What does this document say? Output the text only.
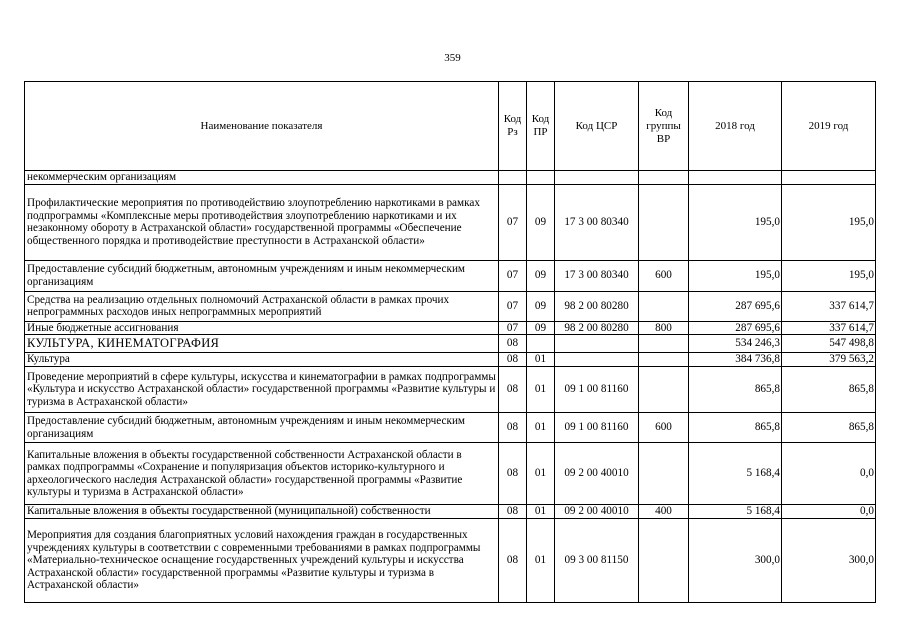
359
Наименование показателя	Код Рз	Код ПР	Код ЦСР	Код группы ВР	2018 год	2019 год
некоммерческим организациям						
Профилактические мероприятия по противодействию злоупотреблению наркотиками в рамках подпрограммы «Комплексные меры противодействия злоупотреблению наркотиками и их незаконному обороту в Астраханской области» государственной программы «Обеспечение общественного порядка и противодействие преступности в Астраханской области»	07	09	17 3 00 80340		195,0	195,0
Предоставление субсидий бюджетным, автономным учреждениям и иным некоммерческим организациям	07	09	17 3 00 80340	600	195,0	195,0
Средства на реализацию отдельных полномочий Астраханской области в рамках прочих непрограммных расходов иных непрограммных мероприятий	07	09	98 2 00 80280		287 695,6	337 614,7
Иные бюджетные ассигнования	07	09	98 2 00 80280	800	287 695,6	337 614,7
КУЛЬТУРА, КИНЕМАТОГРАФИЯ	08				534 246,3	547 498,8
Культура	08	01			384 736,8	379 563,2
Проведение мероприятий в сфере культуры, искусства и кинематографии в рамках подпрограммы «Культура и искусство Астраханской области» государственной программы «Развитие культуры и туризма в Астраханской области»	08	01	09 1 00 81160		865,8	865,8
Предоставление субсидий бюджетным, автономным учреждениям и иным некоммерческим организациям	08	01	09 1 00 81160	600	865,8	865,8
Капитальные вложения в объекты государственной собственности Астраханской области в рамках подпрограммы «Сохранение и популяризация объектов историко-культурного и археологического наследия Астраханской области» государственной программы «Развитие культуры и туризма в Астраханской области»	08	01	09 2 00 40010		5 168,4	0,0
Капитальные вложения в объекты государственной (муниципальной) собственности	08	01	09 2 00 40010	400	5 168,4	0,0
Мероприятия для создания благоприятных условий нахождения граждан в государственных учреждениях культуры в соответствии с современными требованиями в рамках подпрограммы «Материально-техническое оснащение государственных учреждений культуры и искусства Астраханской области» государственной программы «Развитие культуры и туризма в Астраханской области»	08	01	09 3 00 81150		300,0	300,0
